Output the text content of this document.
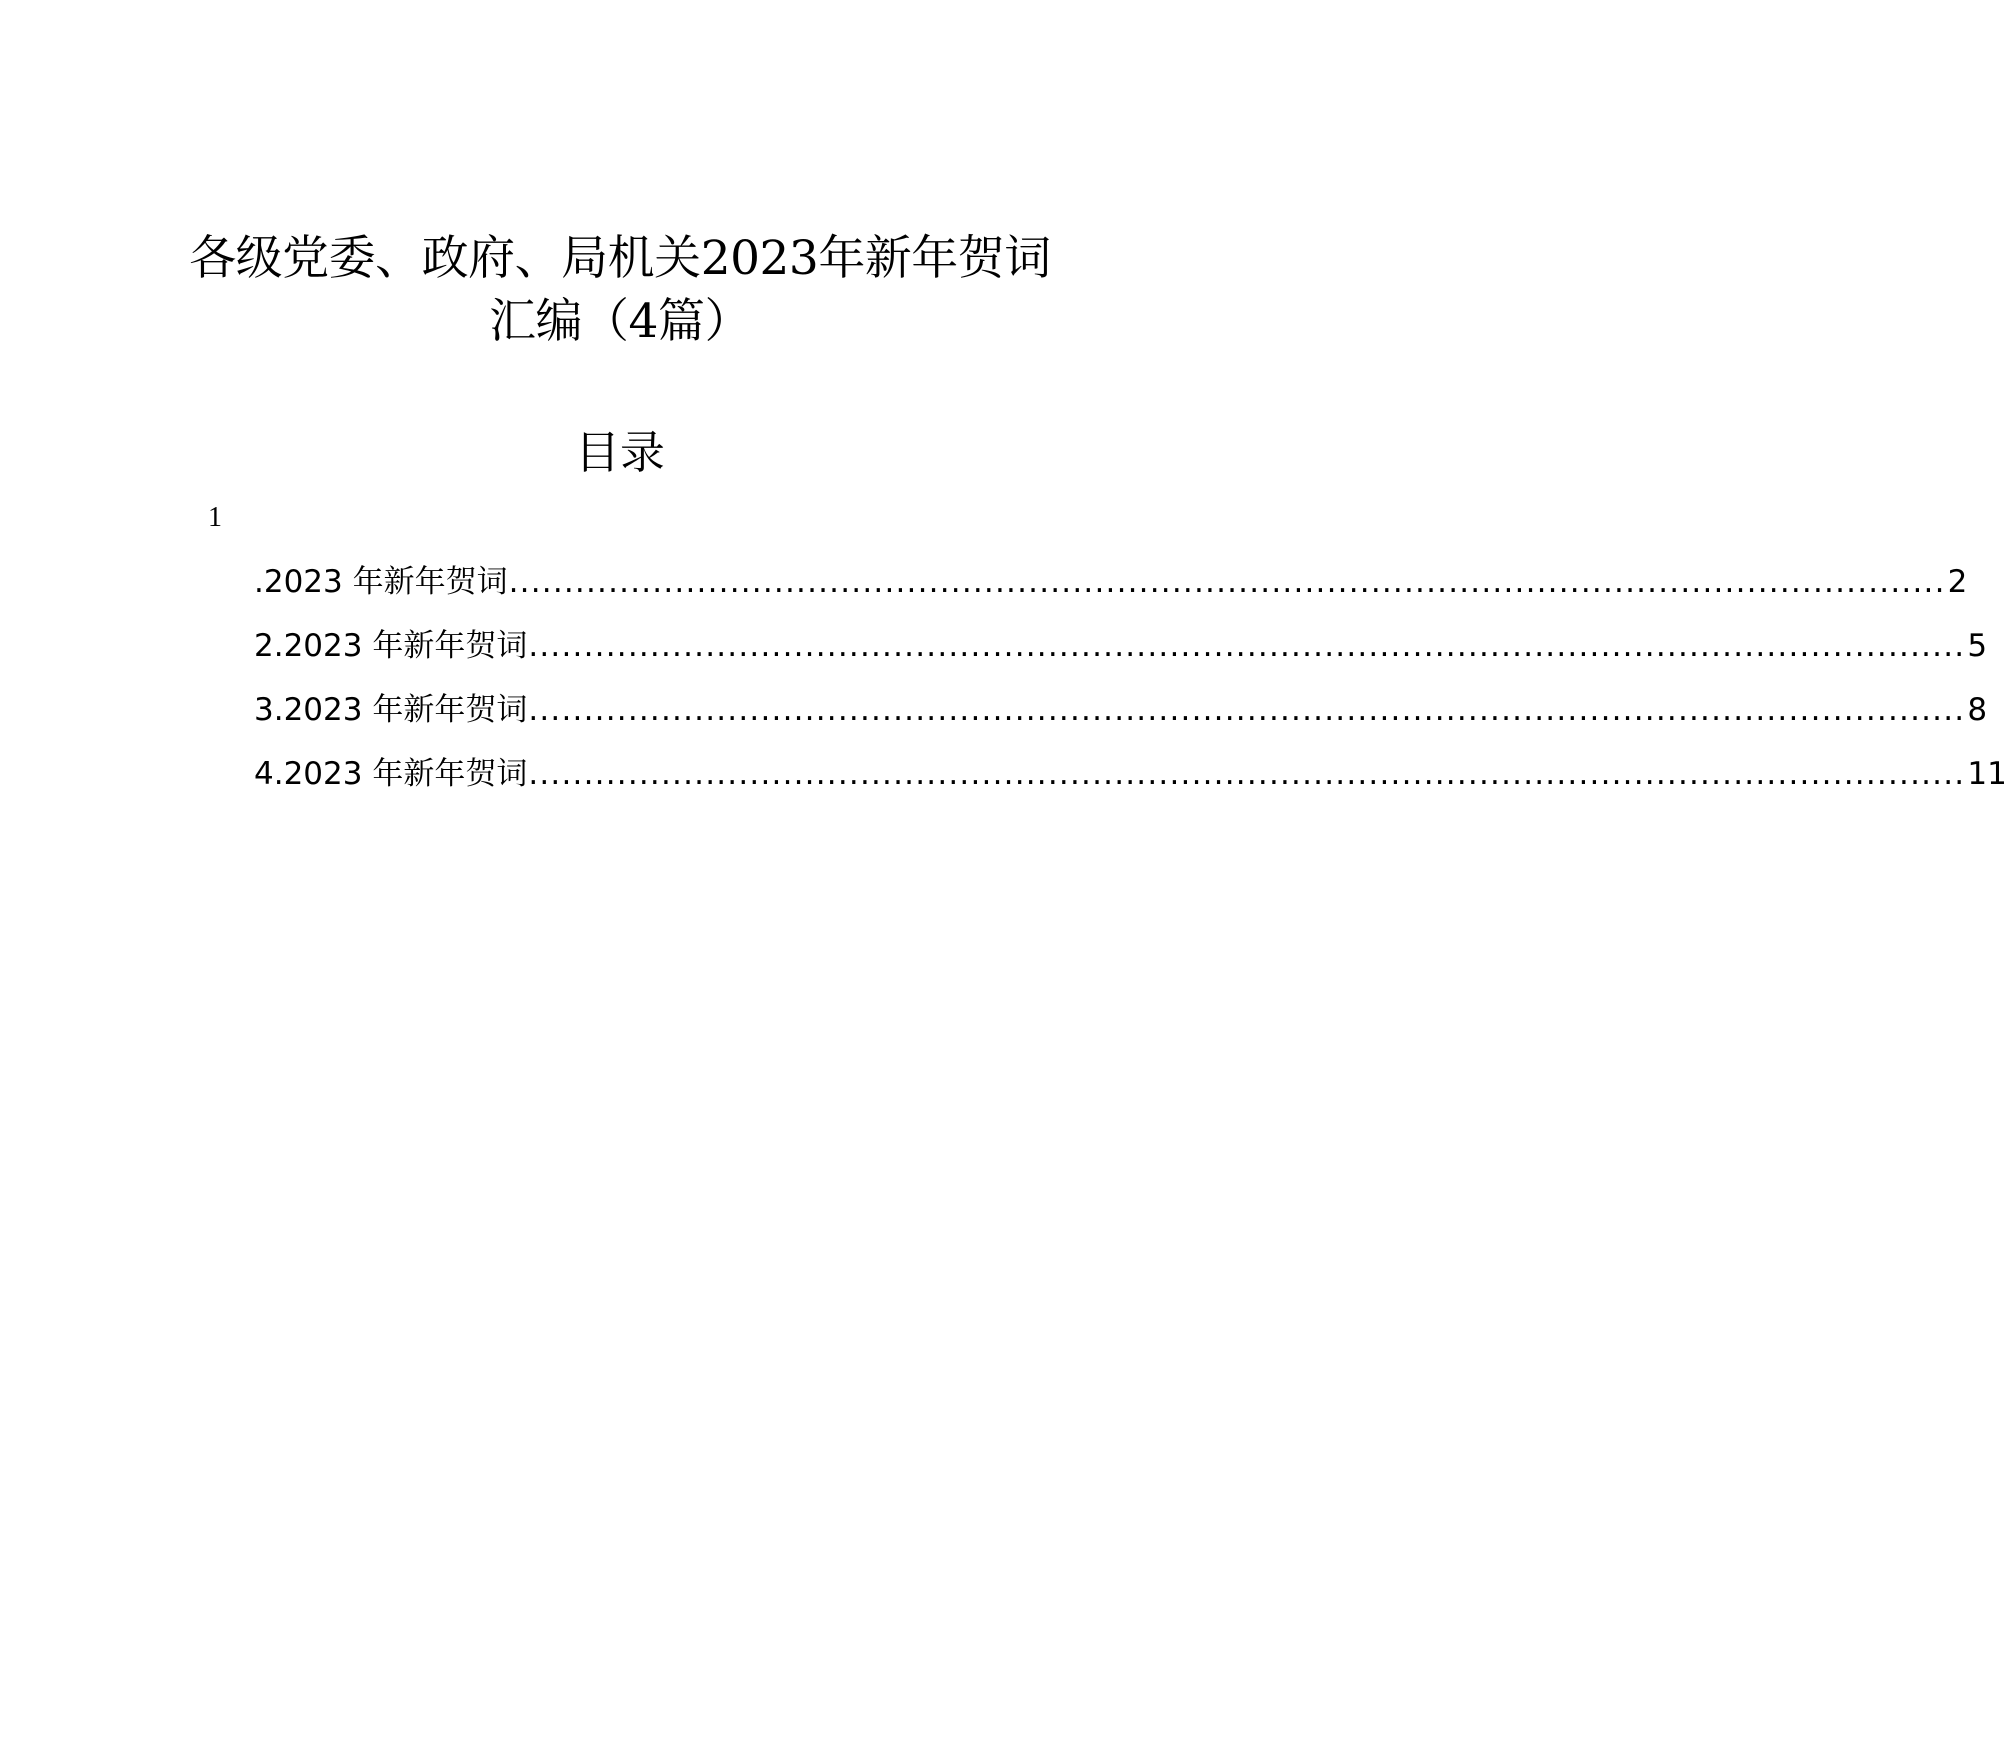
各级党委、政府、局机关2023年新年贺词
汇编（4篇）
目录
1
.2023 年新年贺词 .................................................................................................................................. 2
2.2023 年新年贺词 .................................................................................................................................. 5
3.2023 年新年贺词 .................................................................................................................................. 8
4.2023 年新年贺词 .................................................................................................................................. 11
